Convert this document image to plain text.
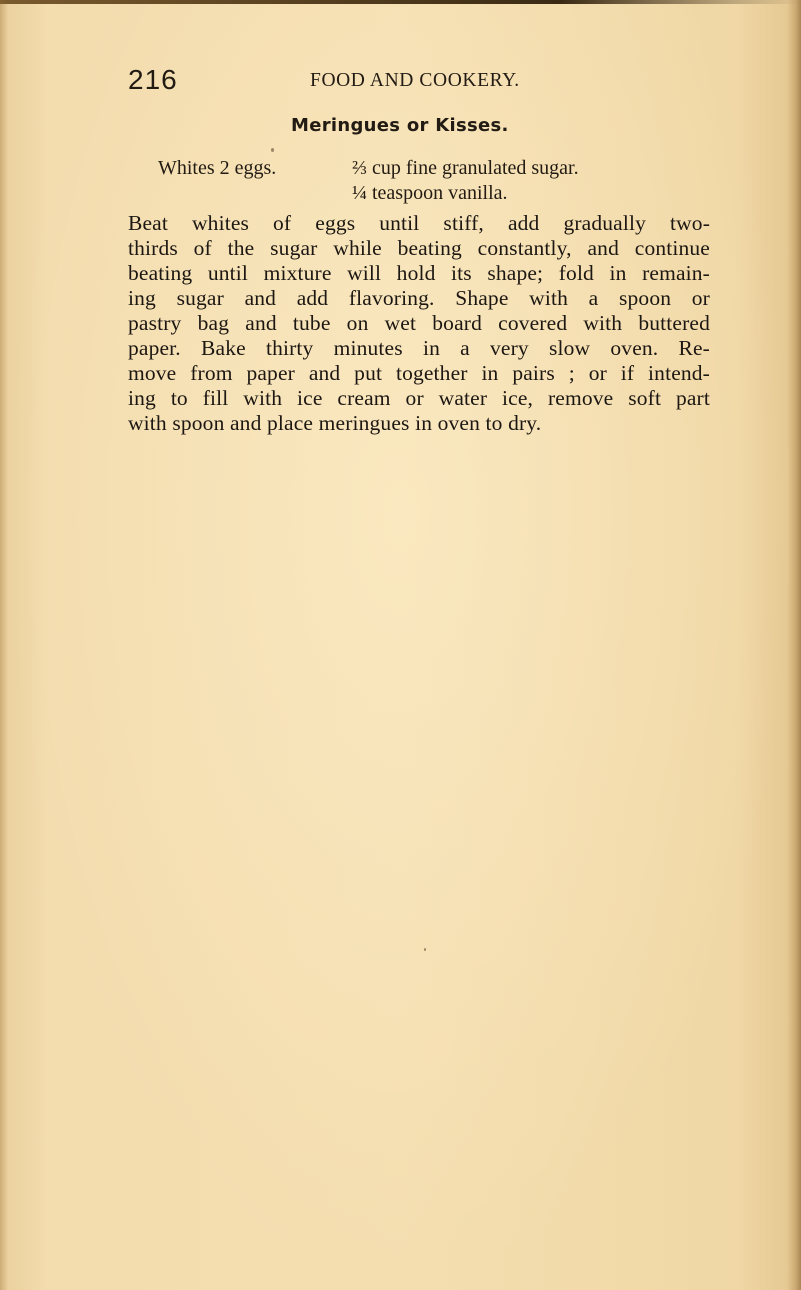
216	FOOD AND COOKERY.
Meringues or Kisses.
Whites 2 eggs.	⅔ cup fine granulated sugar.
¼ teaspoon vanilla.
Beat whites of eggs until stiff, add gradually two-
thirds of the sugar while beating constantly, and continue
beating until mixture will hold its shape; fold in remain-
ing sugar and add flavoring. Shape with a spoon or
pastry bag and tube on wet board covered with buttered
paper. Bake thirty minutes in a very slow oven. Re-
move from paper and put together in pairs ; or if intend-
ing to fill with ice cream or water ice, remove soft part
with spoon and place meringues in oven to dry.
